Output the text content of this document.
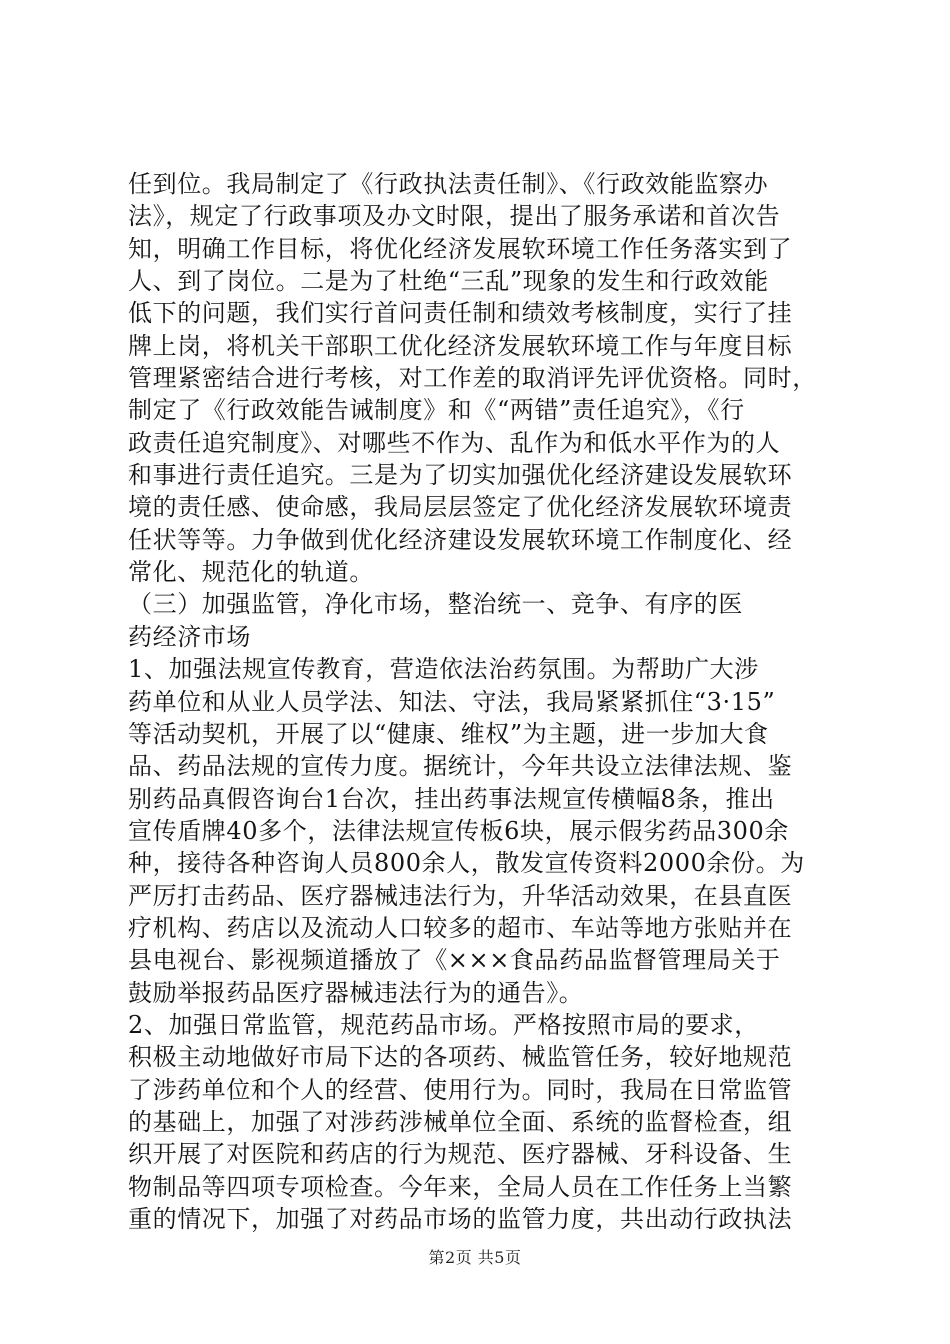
任到位。我局制定了《行政执法责任制》、《行政效能监察办
法》，规定了行政事项及办文时限，提出了服务承诺和首次告
知，明确工作目标，将优化经济发展软环境工作任务落实到了
人、到了岗位。二是为了杜绝“三乱”现象的发生和行政效能
低下的问题，我们实行首问责任制和绩效考核制度，实行了挂
牌上岗，将机关干部职工优化经济发展软环境工作与年度目标
管理紧密结合进行考核，对工作差的取消评先评优资格。同时，
制定了《行政效能告诫制度》和《“两错”责任追究》，《行
政责任追究制度》、对哪些不作为、乱作为和低水平作为的人
和事进行责任追究。三是为了切实加强优化经济建设发展软环
境的责任感、使命感，我局层层签定了优化经济发展软环境责
任状等等。力争做到优化经济建设发展软环境工作制度化、经
常化、规范化的轨道。
（三）加强监管，净化市场，整治统一、竞争、有序的医
药经济市场
1、加强法规宣传教育，营造依法治药氛围。为帮助广大涉
药单位和从业人员学法、知法、守法，我局紧紧抓住“3·15”
等活动契机，开展了以“健康、维权”为主题，进一步加大食
品、药品法规的宣传力度。据统计，今年共设立法律法规、鉴
别药品真假咨询台1台次，挂出药事法规宣传横幅8条，推出
宣传盾牌40多个，法律法规宣传板6块，展示假劣药品300余
种，接待各种咨询人员800余人，散发宣传资料2000余份。为
严厉打击药品、医疗器械违法行为，升华活动效果，在县直医
疗机构、药店以及流动人口较多的超市、车站等地方张贴并在
县电视台、影视频道播放了《×××食品药品监督管理局关于
鼓励举报药品医疗器械违法行为的通告》。
2、加强日常监管，规范药品市场。严格按照市局的要求，
积极主动地做好市局下达的各项药、械监管任务，较好地规范
了涉药单位和个人的经营、使用行为。同时，我局在日常监管
的基础上，加强了对涉药涉械单位全面、系统的监督检查，组
织开展了对医院和药店的行为规范、医疗器械、牙科设备、生
物制品等四项专项检查。今年来，全局人员在工作任务上当繁
重的情况下，加强了对药品市场的监管力度，共出动行政执法
第2页 共5页
